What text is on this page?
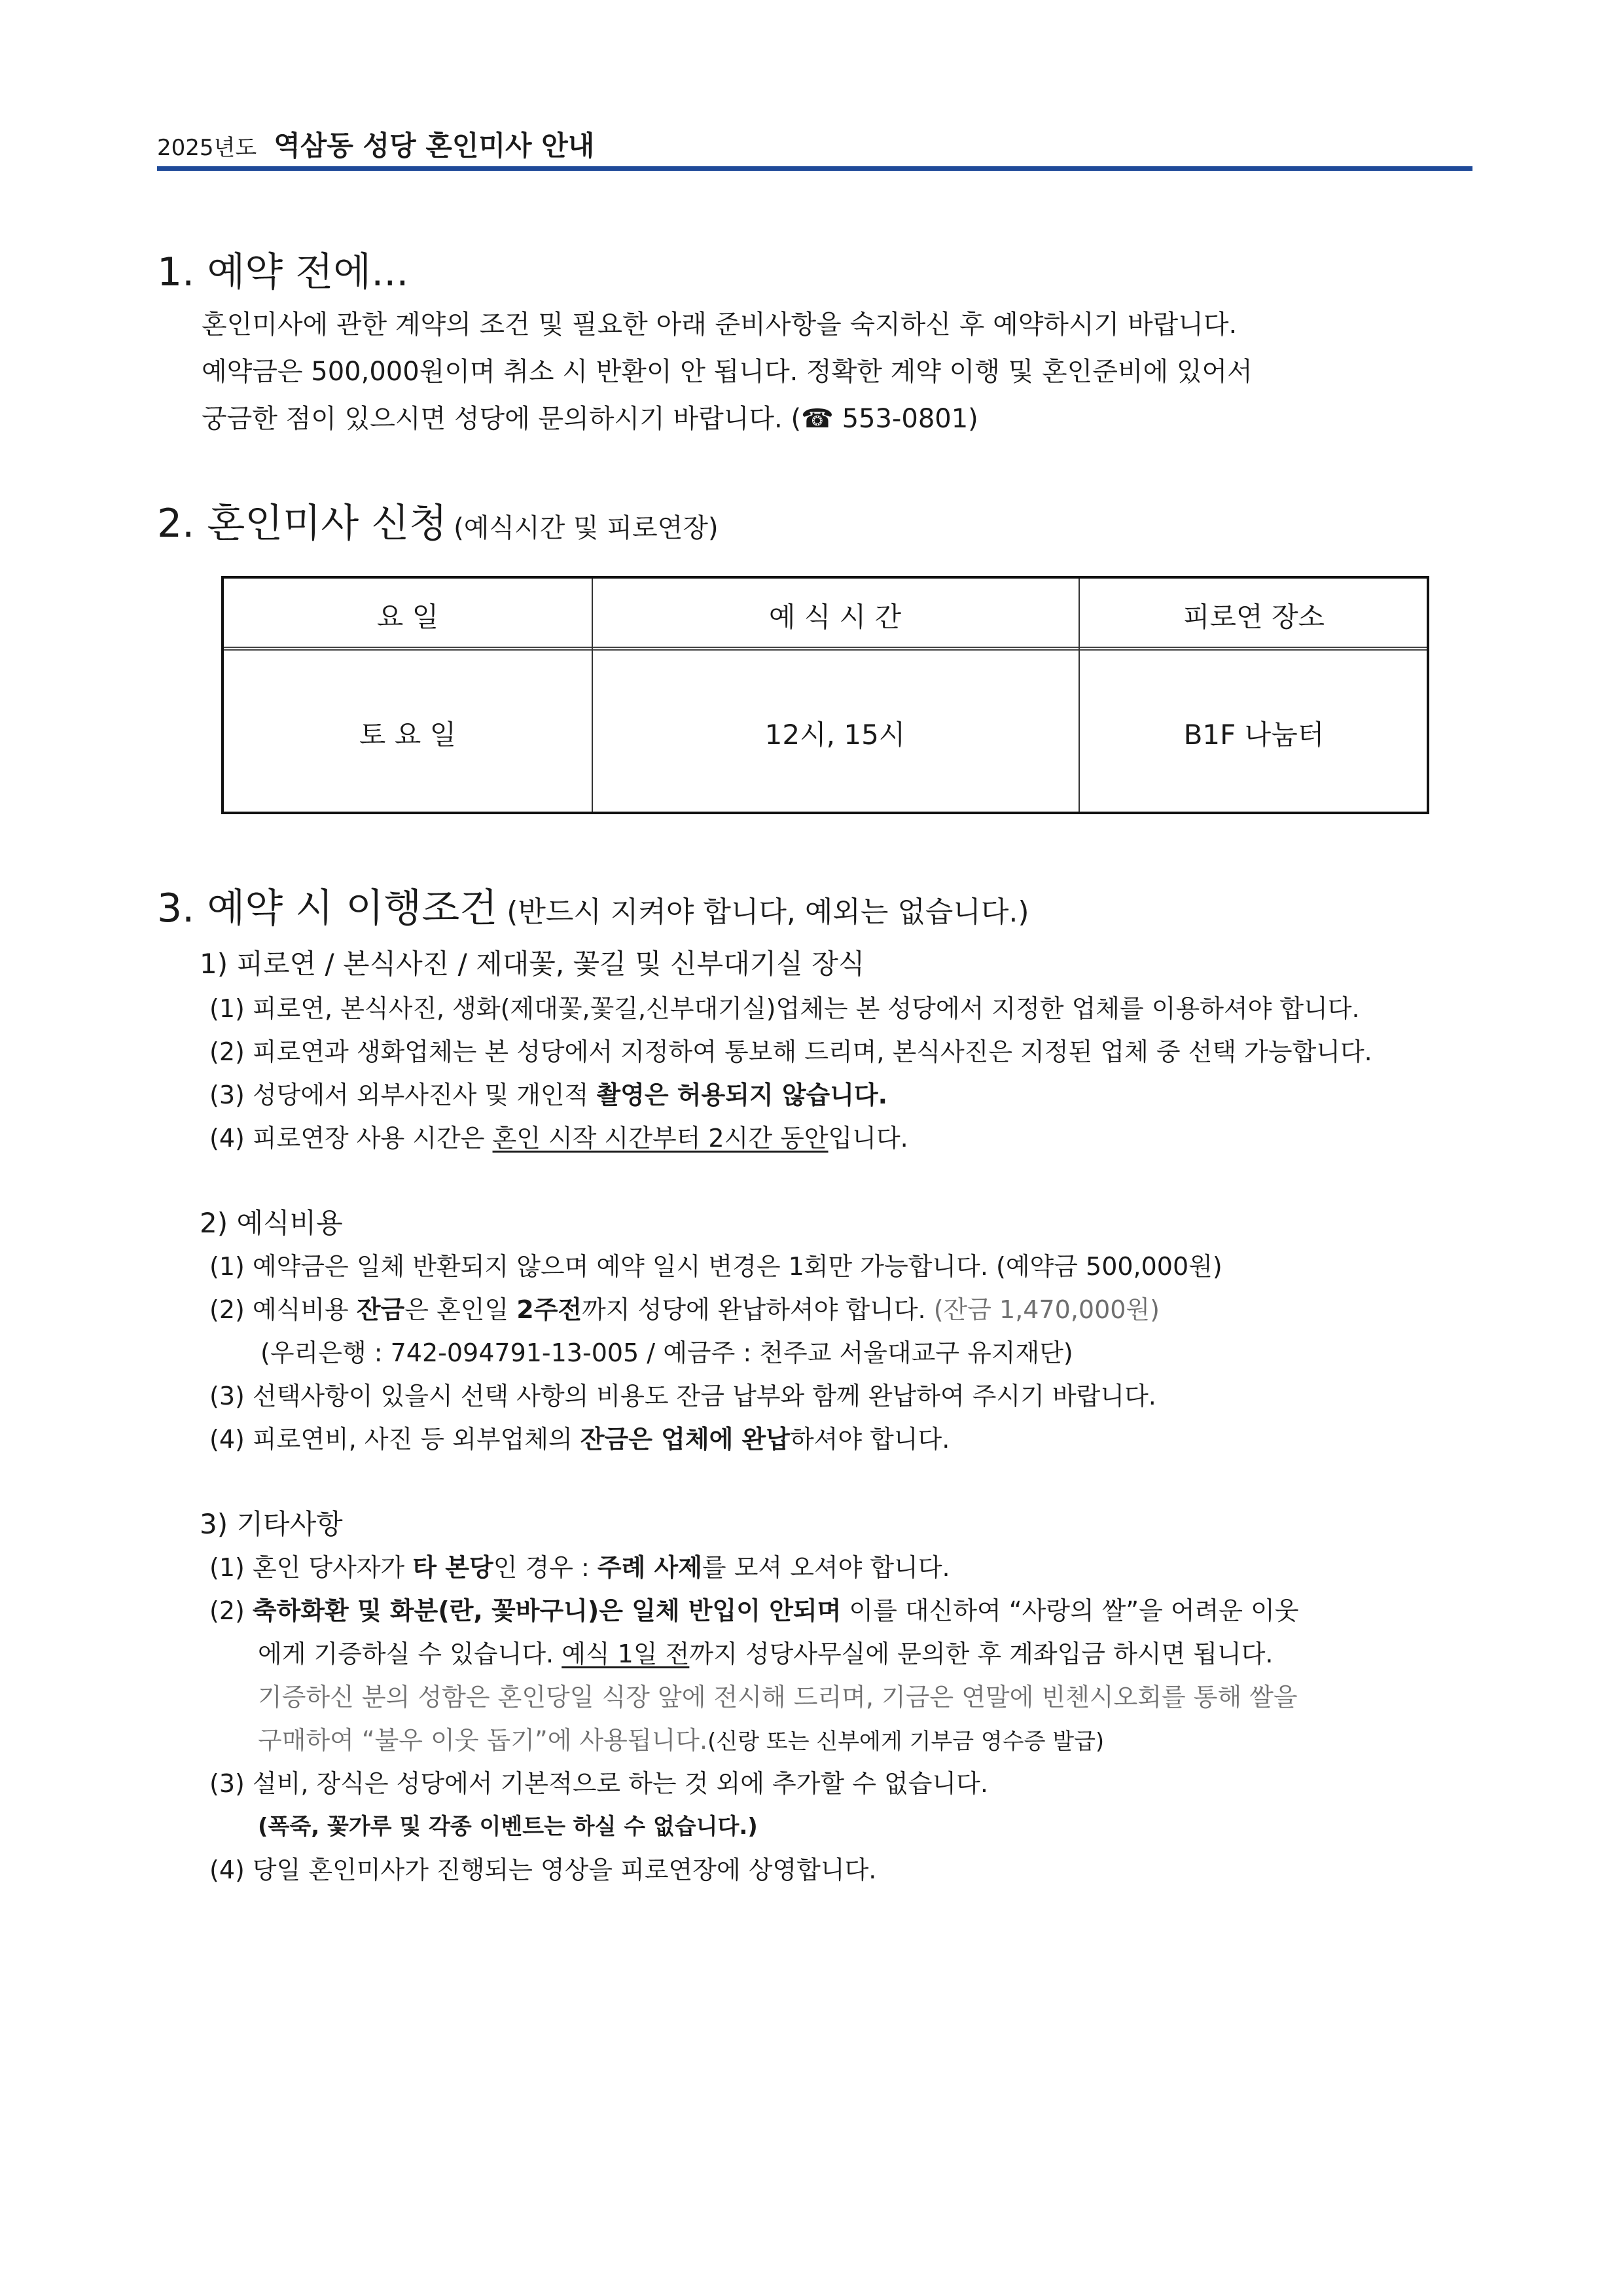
2025년도 역삼동 성당 혼인미사 안내
1. 예약 전에...
혼인미사에 관한 계약의 조건 및 필요한 아래 준비사항을 숙지하신 후 예약하시기 바랍니다.
예약금은 500,000원이며 취소 시 반환이 안 됩니다. 정확한 계약 이행 및 혼인준비에 있어서
궁금한 점이 있으시면 성당에 문의하시기 바랍니다. (☎ 553-0801)
2. 혼인미사 신청 (예식시간 및 피로연장)
요 일	예 식 시 간	피로연 장소
토 요 일	12시, 15시	B1F 나눔터
3. 예약 시 이행조건 (반드시 지켜야 합니다, 예외는 없습니다.)
1) 피로연 / 본식사진 / 제대꽃, 꽃길 및 신부대기실 장식
(1) 피로연, 본식사진, 생화(제대꽃,꽃길,신부대기실)업체는 본 성당에서 지정한 업체를 이용하셔야 합니다.
(2) 피로연과 생화업체는 본 성당에서 지정하여 통보해 드리며, 본식사진은 지정된 업체 중 선택 가능합니다.
(3) 성당에서 외부사진사 및 개인적 촬영은 허용되지 않습니다.
(4) 피로연장 사용 시간은 혼인 시작 시간부터 2시간 동안입니다.
2) 예식비용
(1) 예약금은 일체 반환되지 않으며 예약 일시 변경은 1회만 가능합니다. (예약금 500,000원)
(2) 예식비용 잔금은 혼인일 2주전까지 성당에 완납하셔야 합니다. (잔금 1,470,000원)
(우리은행 : 742-094791-13-005 / 예금주 : 천주교 서울대교구 유지재단)
(3) 선택사항이 있을시 선택 사항의 비용도 잔금 납부와 함께 완납하여 주시기 바랍니다.
(4) 피로연비, 사진 등 외부업체의 잔금은 업체에 완납하셔야 합니다.
3) 기타사항
(1) 혼인 당사자가 타 본당인 경우 : 주례 사제를 모셔 오셔야 합니다.
(2) 축하화환 및 화분(란, 꽃바구니)은 일체 반입이 안되며 이를 대신하여 “사랑의 쌀”을 어려운 이웃
에게 기증하실 수 있습니다. 예식 1일 전까지 성당사무실에 문의한 후 계좌입금 하시면 됩니다.
기증하신 분의 성함은 혼인당일 식장 앞에 전시해 드리며, 기금은 연말에 빈첸시오회를 통해 쌀을
구매하여 “불우 이웃 돕기”에 사용됩니다.(신랑 또는 신부에게 기부금 영수증 발급)
(3) 설비, 장식은 성당에서 기본적으로 하는 것 외에 추가할 수 없습니다.
(폭죽, 꽃가루 및 각종 이벤트는 하실 수 없습니다.)
(4) 당일 혼인미사가 진행되는 영상을 피로연장에 상영합니다.
